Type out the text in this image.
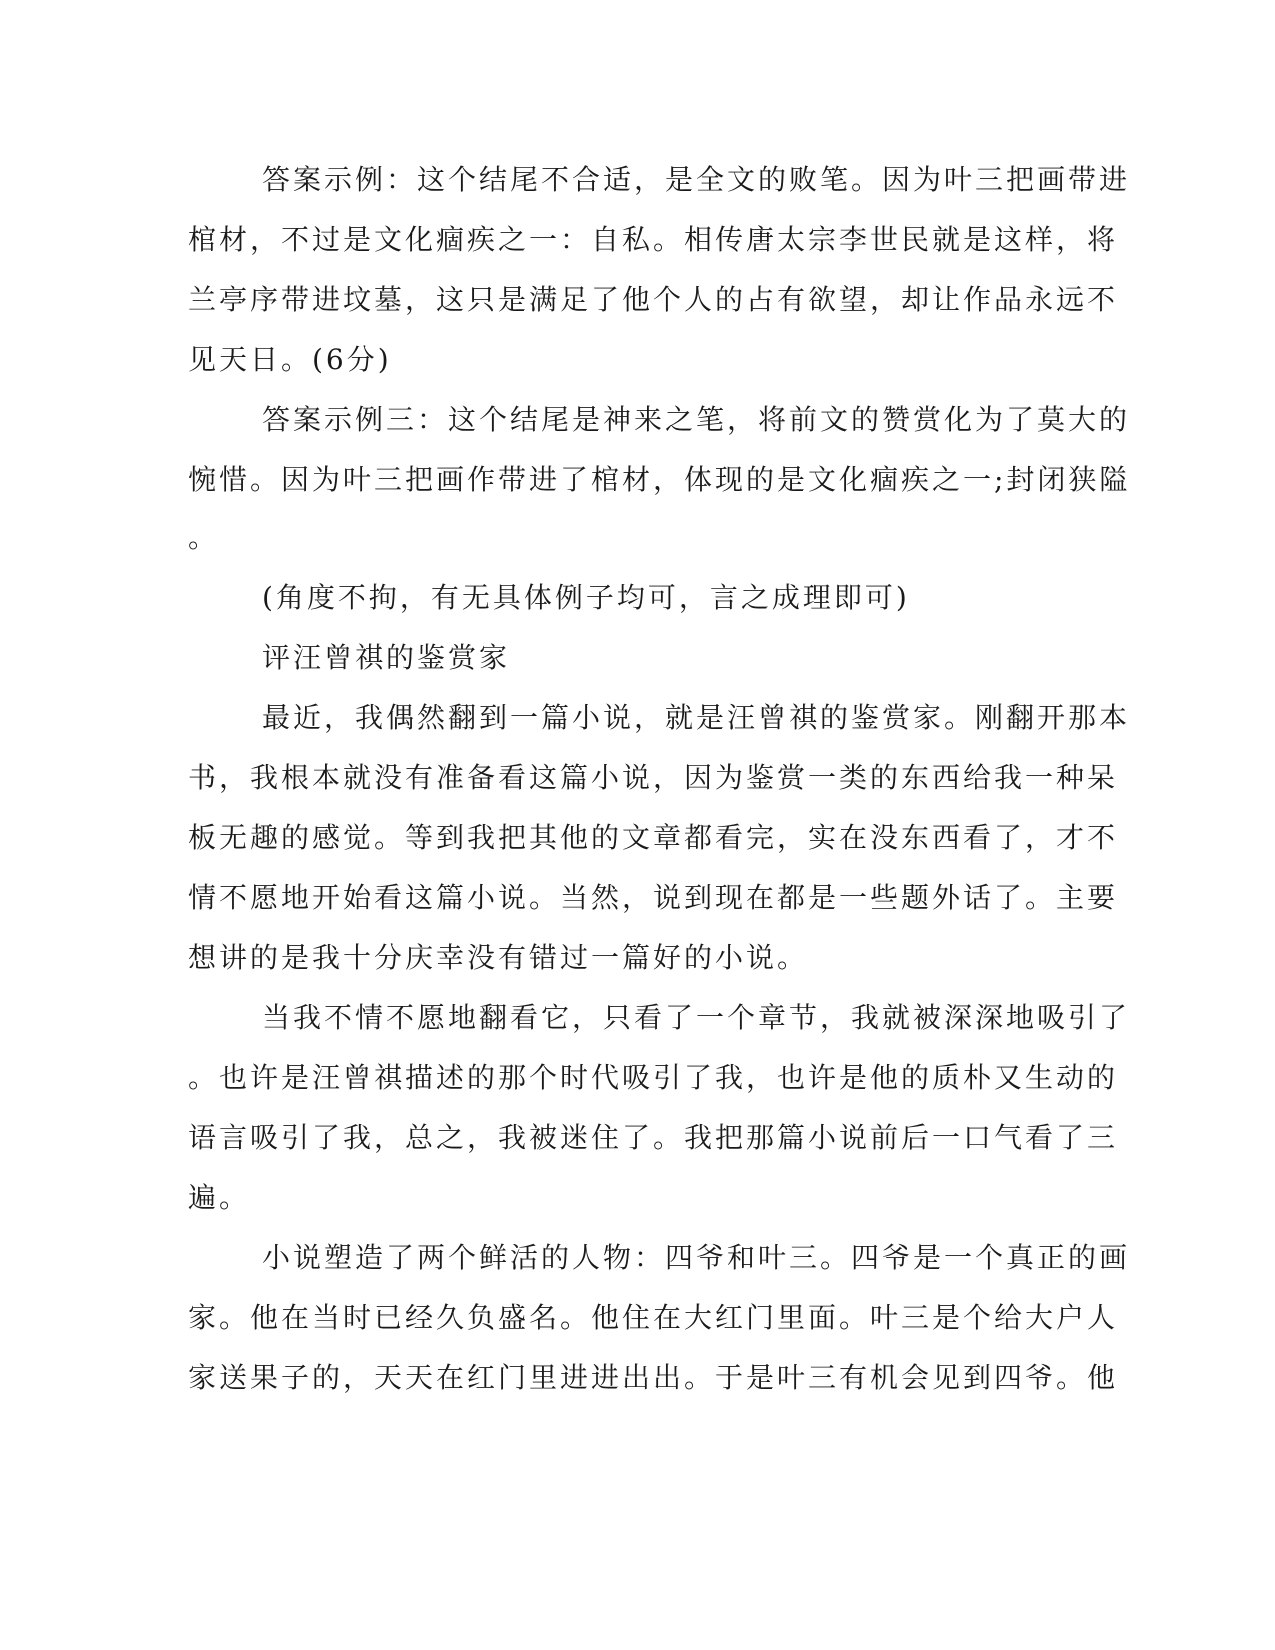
答案示例：这个结尾不合适，是全文的败笔。因为叶三把画带进
棺材，不过是文化痼疾之一：自私。相传唐太宗李世民就是这样，将
兰亭序带进坟墓，这只是满足了他个人的占有欲望，却让作品永远不
见天日。(6分)
答案示例三：这个结尾是神来之笔，将前文的赞赏化为了莫大的
惋惜。因为叶三把画作带进了棺材，体现的是文化痼疾之一;封闭狭隘
。
(角度不拘，有无具体例子均可，言之成理即可)
评汪曾祺的鉴赏家
最近，我偶然翻到一篇小说，就是汪曾祺的鉴赏家。刚翻开那本
书，我根本就没有准备看这篇小说，因为鉴赏一类的东西给我一种呆
板无趣的感觉。等到我把其他的文章都看完，实在没东西看了，才不
情不愿地开始看这篇小说。当然，说到现在都是一些题外话了。主要
想讲的是我十分庆幸没有错过一篇好的小说。
当我不情不愿地翻看它，只看了一个章节，我就被深深地吸引了
。也许是汪曾祺描述的那个时代吸引了我，也许是他的质朴又生动的
语言吸引了我，总之，我被迷住了。我把那篇小说前后一口气看了三
遍。
小说塑造了两个鲜活的人物：四爷和叶三。四爷是一个真正的画
家。他在当时已经久负盛名。他住在大红门里面。叶三是个给大户人
家送果子的，天天在红门里进进出出。于是叶三有机会见到四爷。他
